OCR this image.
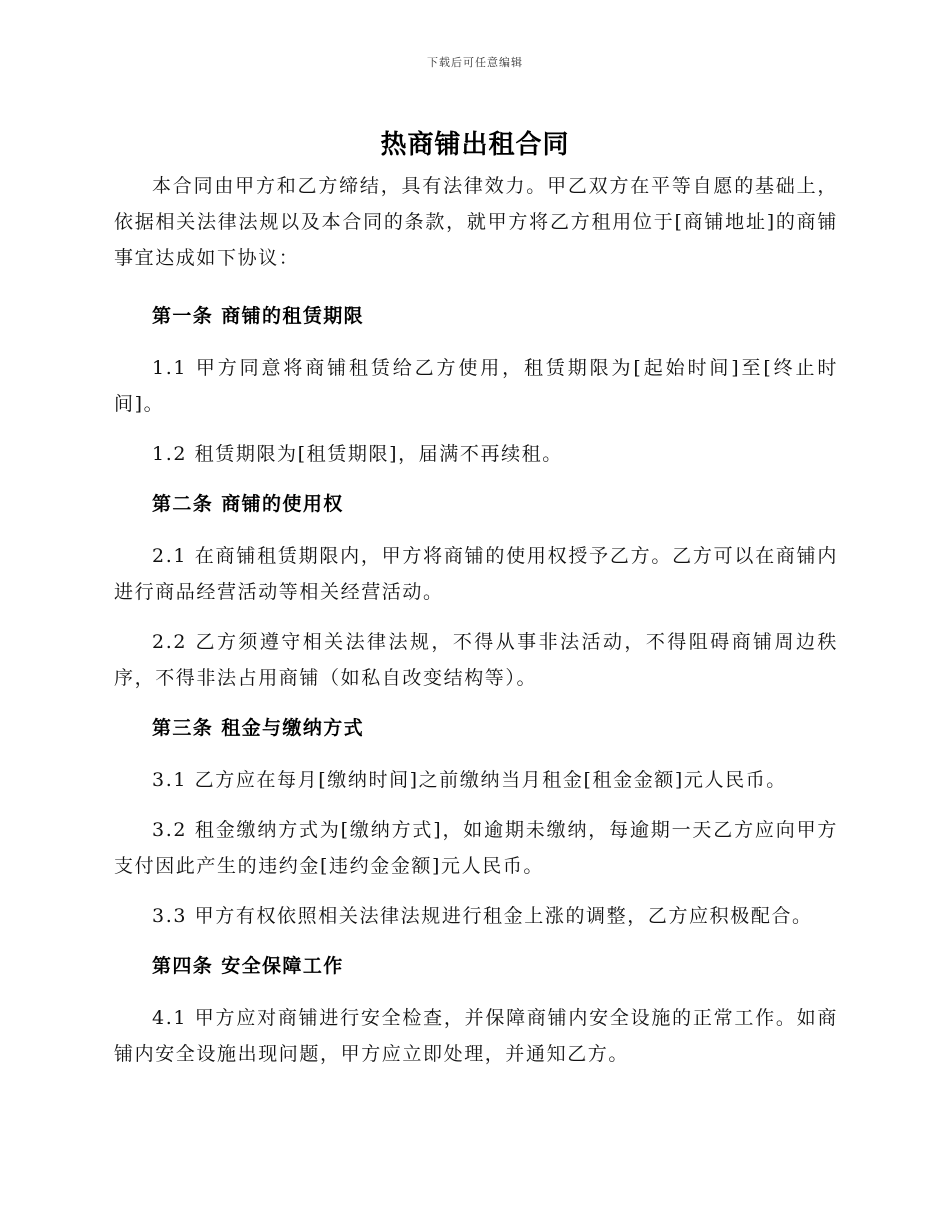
下载后可任意编辑
热商铺出租合同

本合同由甲方和乙方缔结，具有法律效力。甲乙双方在平等自愿的基础上，依据相关法律法规以及本合同的条款，就甲方将乙方租用位于[商铺地址]的商铺事宜达成如下协议：

第一条 商铺的租赁期限

1.1 甲方同意将商铺租赁给乙方使用，租赁期限为[起始时间]至[终止时间]。

1.2 租赁期限为[租赁期限]，届满不再续租。

第二条 商铺的使用权

2.1 在商铺租赁期限内，甲方将商铺的使用权授予乙方。乙方可以在商铺内进行商品经营活动等相关经营活动。

2.2 乙方须遵守相关法律法规，不得从事非法活动，不得阻碍商铺周边秩序，不得非法占用商铺（如私自改变结构等）。

第三条 租金与缴纳方式

3.1 乙方应在每月[缴纳时间]之前缴纳当月租金[租金金额]元人民币。

3.2 租金缴纳方式为[缴纳方式]，如逾期未缴纳，每逾期一天乙方应向甲方支付因此产生的违约金[违约金金额]元人民币。

3.3 甲方有权依照相关法律法规进行租金上涨的调整，乙方应积极配合。

第四条 安全保障工作

4.1 甲方应对商铺进行安全检查，并保障商铺内安全设施的正常工作。如商铺内安全设施出现问题，甲方应立即处理，并通知乙方。
